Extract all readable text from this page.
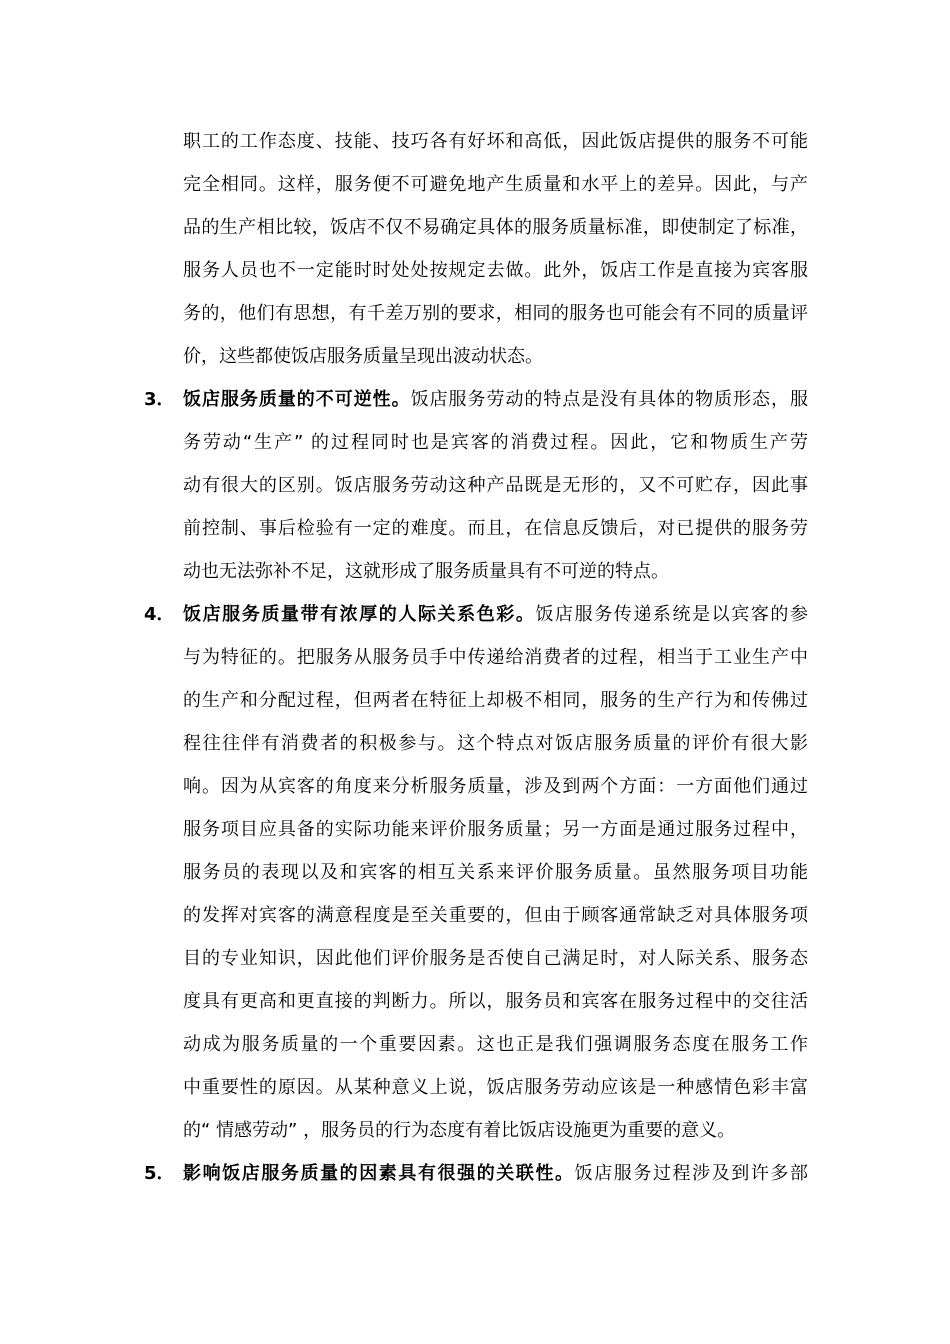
职工的工作态度、技能、技巧各有好坏和高低，因此饭店提供的服务不可能
完全相同。这样，服务便不可避免地产生质量和水平上的差异。因此，与产
品的生产相比较，饭店不仅不易确定具体的服务质量标准，即使制定了标准，
服务人员也不一定能时时处处按规定去做。此外，饭店工作是直接为宾客服
务的，他们有思想，有千差万别的要求，相同的服务也可能会有不同的质量评
价，这些都使饭店服务质量呈现出波动状态。
3． 饭店服务质量的不可逆性。饭店服务劳动的特点是没有具体的物质形态，服
务劳动“生产” 的过程同时也是宾客的消费过程。因此，它和物质生产劳
动有很大的区别。饭店服务劳动这种产品既是无形的，又不可贮存，因此事
前控制、事后检验有一定的难度。而且，在信息反馈后，对已提供的服务劳
动也无法弥补不足，这就形成了服务质量具有不可逆的特点。
4． 饭店服务质量带有浓厚的人际关系色彩。饭店服务传递系统是以宾客的参
与为特征的。把服务从服务员手中传递给消费者的过程，相当于工业生产中
的生产和分配过程，但两者在特征上却极不相同，服务的生产行为和传佛过
程往往伴有消费者的积极参与。这个特点对饭店服务质量的评价有很大影
响。因为从宾客的角度来分析服务质量，涉及到两个方面：一方面他们通过
服务项目应具备的实际功能来评价服务质量；另一方面是通过服务过程中，
服务员的表现以及和宾客的相互关系来评价服务质量。虽然服务项目功能
的发挥对宾客的满意程度是至关重要的，但由于顾客通常缺乏对具体服务项
目的专业知识，因此他们评价服务是否使自己满足时，对人际关系、服务态
度具有更高和更直接的判断力。所以，服务员和宾客在服务过程中的交往活
动成为服务质量的一个重要因素。这也正是我们强调服务态度在服务工作
中重要性的原因。从某种意义上说，饭店服务劳动应该是一种感情色彩丰富
的“ 情感劳动” ，服务员的行为态度有着比饭店设施更为重要的意义。
5． 影响饭店服务质量的因素具有很强的关联性。饭店服务过程涉及到许多部
